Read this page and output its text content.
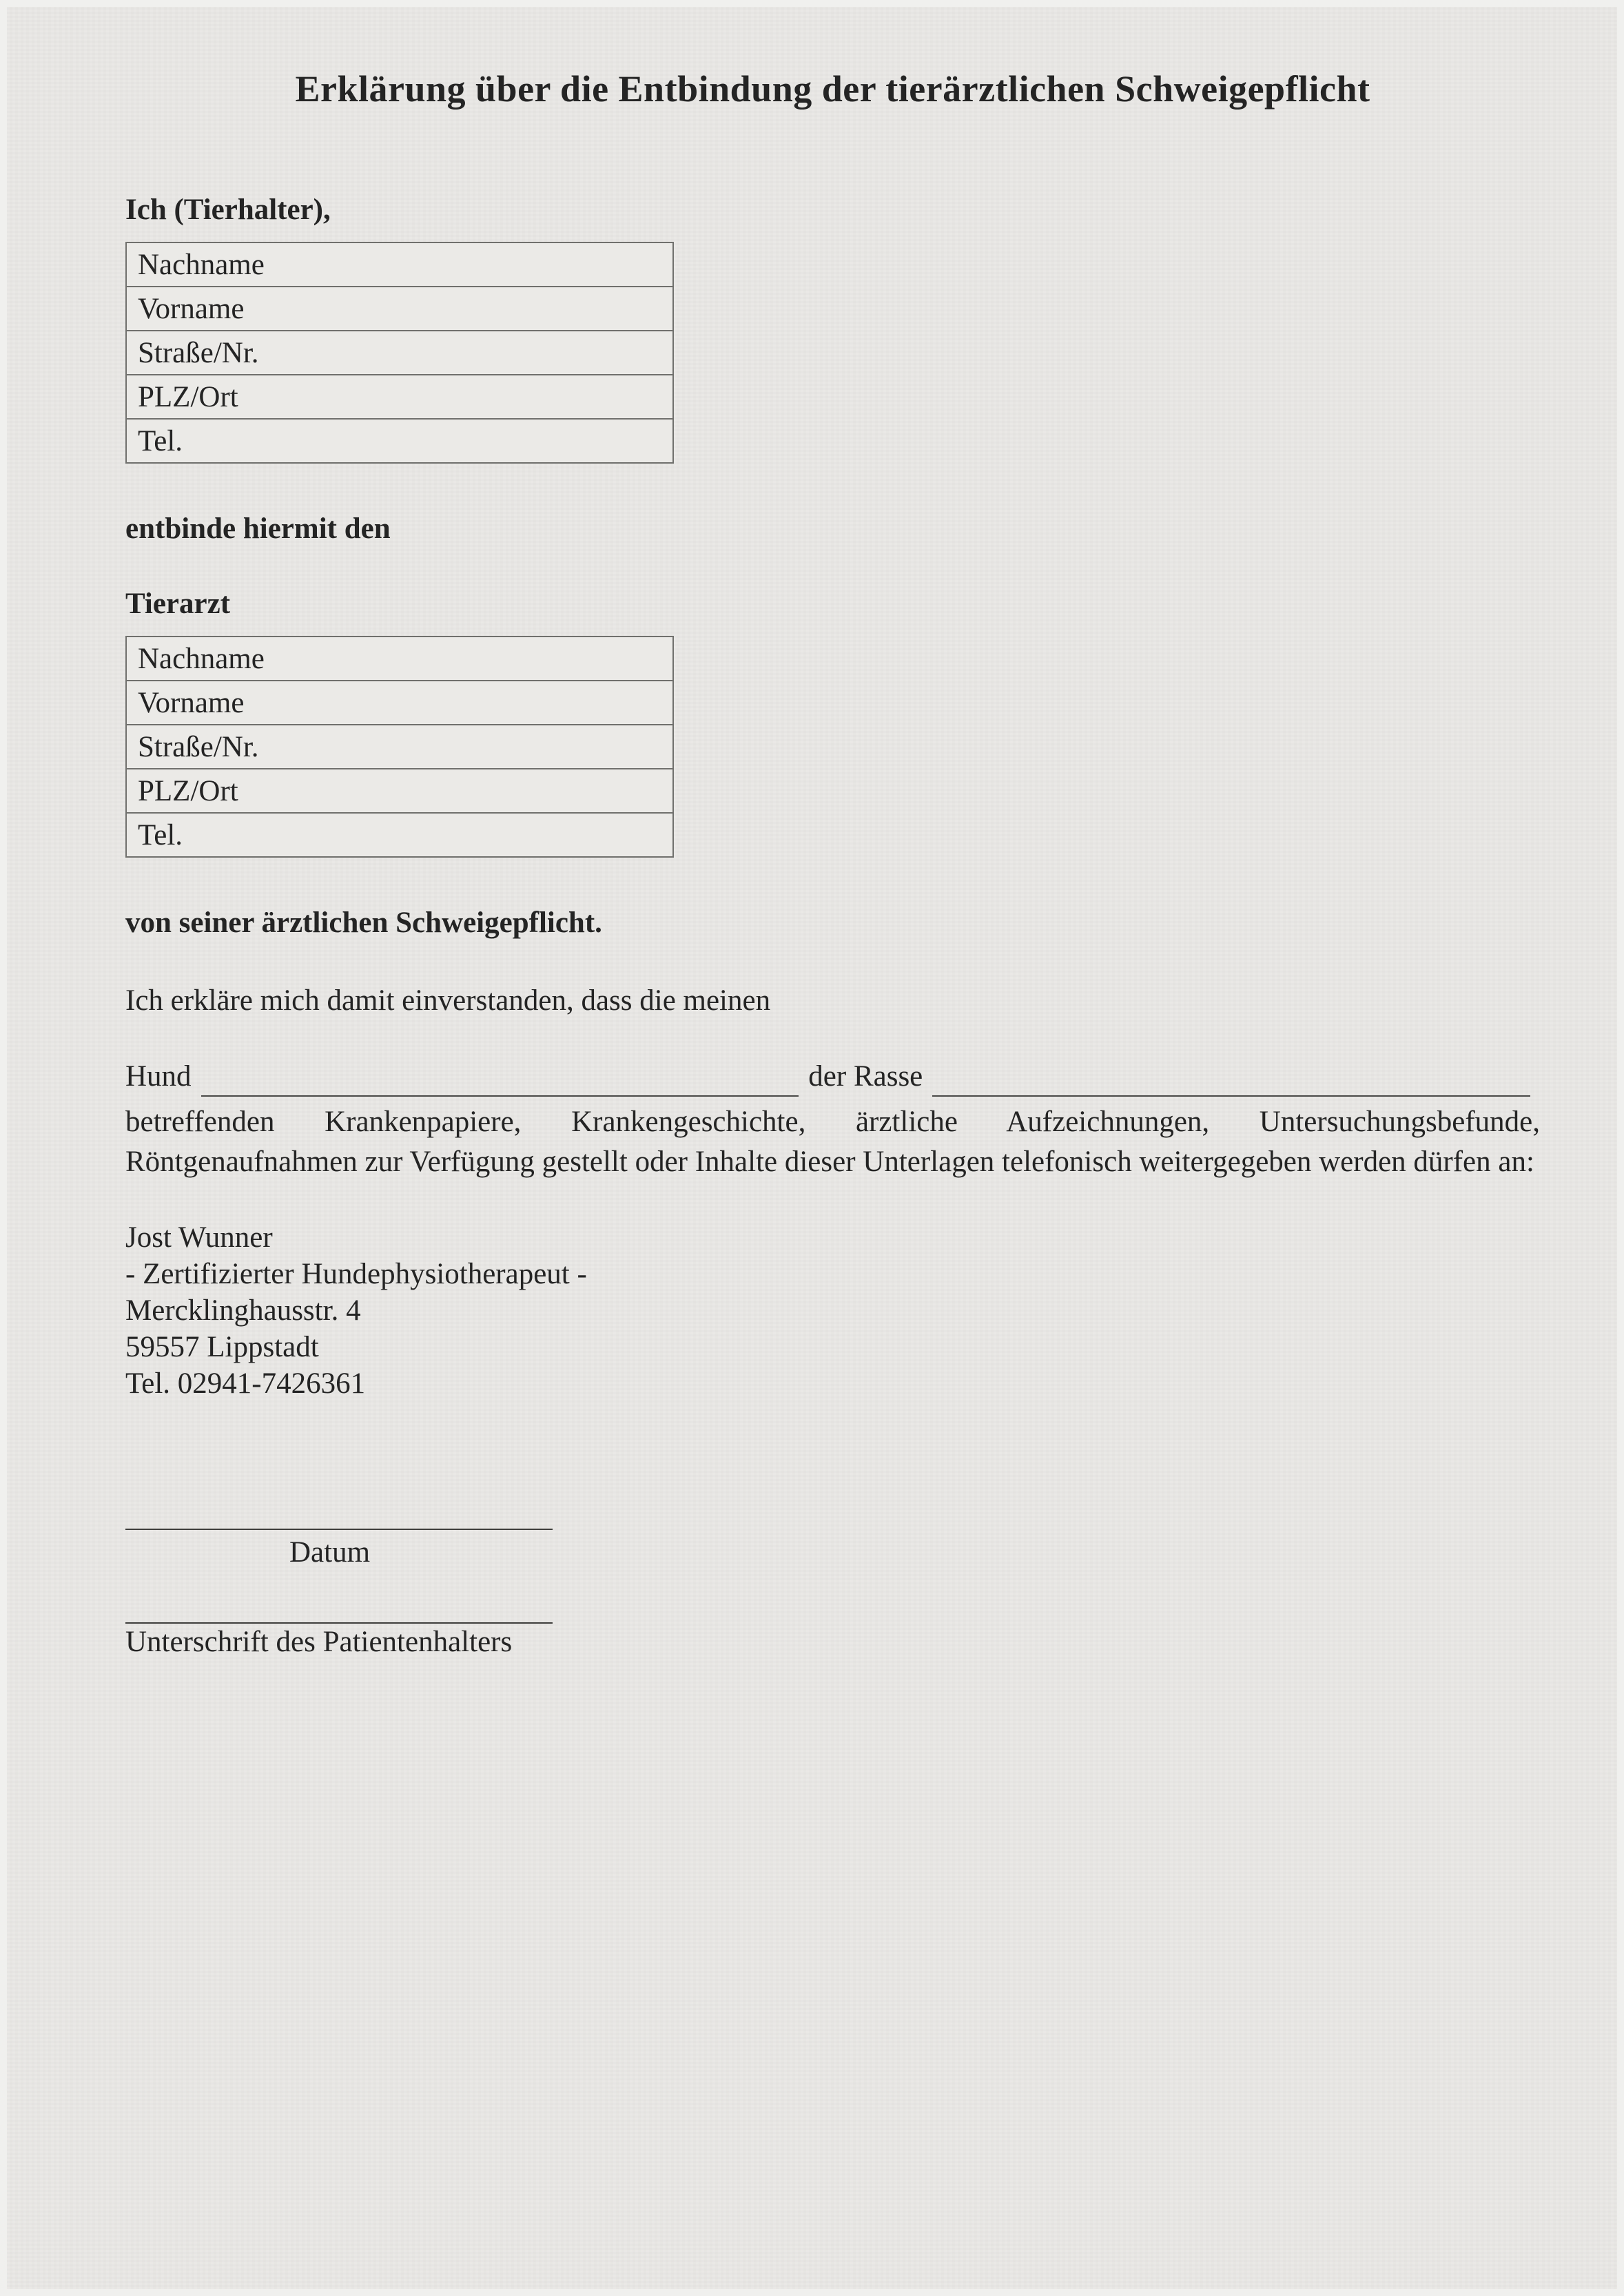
Erklärung über die Entbindung der tierärztlichen Schweigepflicht
Ich (Tierhalter),
Nachname
Vorname
Straße/Nr.
PLZ/Ort
Tel.
entbinde hiermit den
Tierarzt
Nachname
Vorname
Straße/Nr.
PLZ/Ort
Tel.
von seiner ärztlichen Schweigepflicht.
Ich erkläre mich damit einverstanden, dass die meinen
Hund	der Rasse
betreffenden Krankenpapiere, Krankengeschichte, ärztliche Aufzeichnungen, Untersuchungsbefunde, Röntgenaufnahmen zur Verfügung gestellt oder Inhalte dieser Unterlagen telefonisch weitergegeben werden dürfen an:
Jost Wunner
- Zertifizierter Hundephysiotherapeut -
Mercklinghausstr. 4
59557 Lippstadt
Tel. 02941-7426361
Datum
Unterschrift des Patientenhalters
